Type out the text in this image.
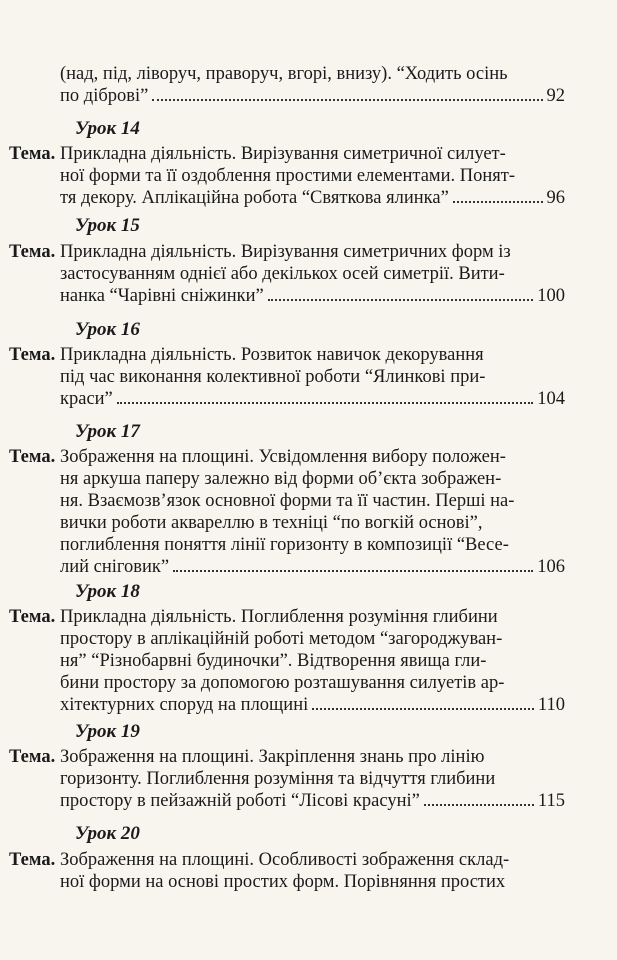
(над, під, ліворуч, праворуч, вгорі, внизу). “Ходить осінь
по діброві”	92
Урок 14
Тема. Прикладна діяльність. Вирізування симетричної силует-
ної форми та її оздоблення простими елементами. Понят-
тя декору. Аплікаційна робота “Святкова ялинка”	96
Урок 15
Тема. Прикладна діяльність. Вирізування симетричних форм із
застосуванням однієї або декількох осей симетрії. Вити-
нанка “Чарівні сніжинки”	100
Урок 16
Тема. Прикладна діяльність. Розвиток навичок декорування
під час виконання колективної роботи “Ялинкові при-
краси”	104
Урок 17
Тема. Зображення на площині. Усвідомлення вибору положен-
ня аркуша паперу залежно від форми об’єкта зображен-
ня. Взаємозв’язок основної форми та її частин. Перші на-
вички роботи аквареллю в техніці “по вогкій основі”,
поглиблення поняття лінії горизонту в композиції “Весе-
лий сніговик”	106
Урок 18
Тема. Прикладна діяльність. Поглиблення розуміння глибини
простору в аплікаційній роботі методом “загороджуван-
ня” “Різнобарвні будиночки”. Відтворення явища гли-
бини простору за допомогою розташування силуетів ар-
хітектурних споруд на площині	110
Урок 19
Тема. Зображення на площині. Закріплення знань про лінію
горизонту. Поглиблення розуміння та відчуття глибини
простору в пейзажній роботі “Лісові красуні”	115
Урок 20
Тема. Зображення на площині. Особливості зображення склад-
ної форми на основі простих форм. Порівняння простих
